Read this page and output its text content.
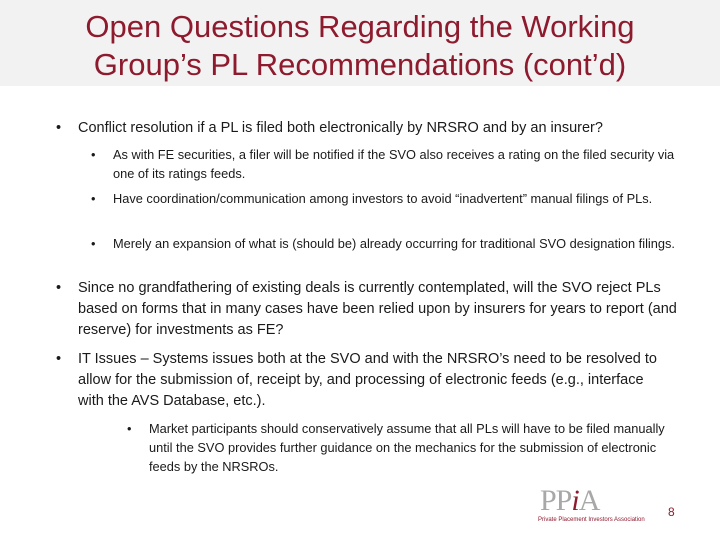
Open Questions Regarding the Working
Group’s PL Recommendations (cont’d)
• Conflict resolution if a PL is filed both electronically by NRSRO and by an insurer?
• As with FE securities, a filer will be notified if the SVO also receives a rating on the filed security via one of its ratings feeds.
• Have coordination/communication among investors to avoid “inadvertent” manual filings of PLs.
• Merely an expansion of what is (should be) already occurring for traditional SVO designation filings.
• Since no grandfathering of existing deals is currently contemplated, will the SVO reject PLs based on forms that in many cases have been relied upon by insurers for years to report (and reserve) for investments as FE?
• IT Issues – Systems issues both at the SVO and with the NRSRO’s need to be resolved to allow for the submission of, receipt by, and processing of electronic feeds (e.g., interface with the AVS Database, etc.).
• Market participants should conservatively assume that all PLs will have to be filed manually until the SVO provides further guidance on the mechanics for the submission of electronic feeds by the NRSROs.
PPiA
Private Placement Investors Association
8
